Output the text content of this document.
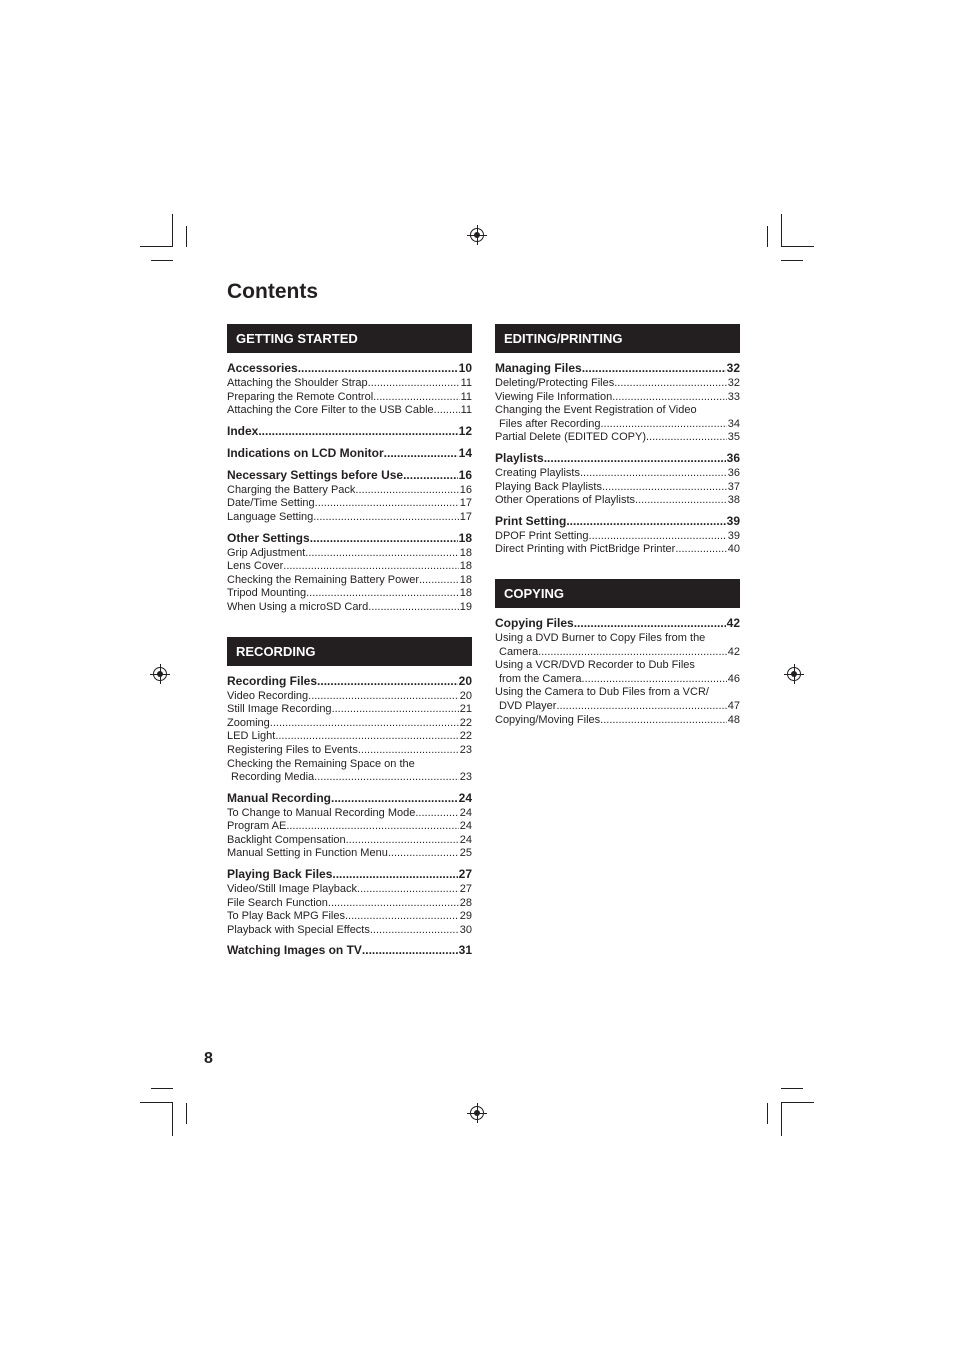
Contents
GETTING STARTED
Accessories .....	10
Attaching the Shoulder Strap .....	11
Preparing the Remote Control .....	11
Attaching the Core Filter to the USB Cable ..... 11
Index .....	12
Indications on LCD Monitor .....	14
Necessary Settings before Use .....	16
Charging the Battery Pack .....	16
Date/Time Setting .....	17
Language Setting .....	17
Other Settings .....	18
Grip Adjustment .....	18
Lens Cover .....	18
Checking the Remaining Battery Power .....	18
Tripod Mounting .....	18
When Using a microSD Card .....	19
RECORDING
Recording Files .....	20
Video Recording .....	20
Still Image Recording .....	21
Zooming .....	22
LED Light .....	22
Registering Files to Events .....	23
Checking the Remaining Space on the
Recording Media .....	23
Manual Recording .....	24
To Change to Manual Recording Mode .....	24
Program AE .....	24
Backlight Compensation .....	24
Manual Setting in Function Menu .....	25
Playing Back Files .....	27
Video/Still Image Playback .....	27
File Search Function .....	28
To Play Back MPG Files .....	29
Playback with Special Effects .....	30
Watching Images on TV .....	31
EDITING/PRINTING
Managing Files .....	32
Deleting/Protecting Files .....	32
Viewing File Information .....	33
Changing the Event Registration of Video
Files after Recording .....	34
Partial Delete (EDITED COPY) .....	35
Playlists .....	36
Creating Playlists .....	36
Playing Back Playlists .....	37
Other Operations of Playlists .....	38
Print Setting .....	39
DPOF Print Setting .....	39
Direct Printing with PictBridge Printer .....	40
COPYING
Copying Files .....	42
Using a DVD Burner to Copy Files from the
Camera .....	42
Using a VCR/DVD Recorder to Dub Files
from the Camera .....	46
Using the Camera to Dub Files from a VCR/
DVD Player .....	47
Copying/Moving Files .....	48
8
